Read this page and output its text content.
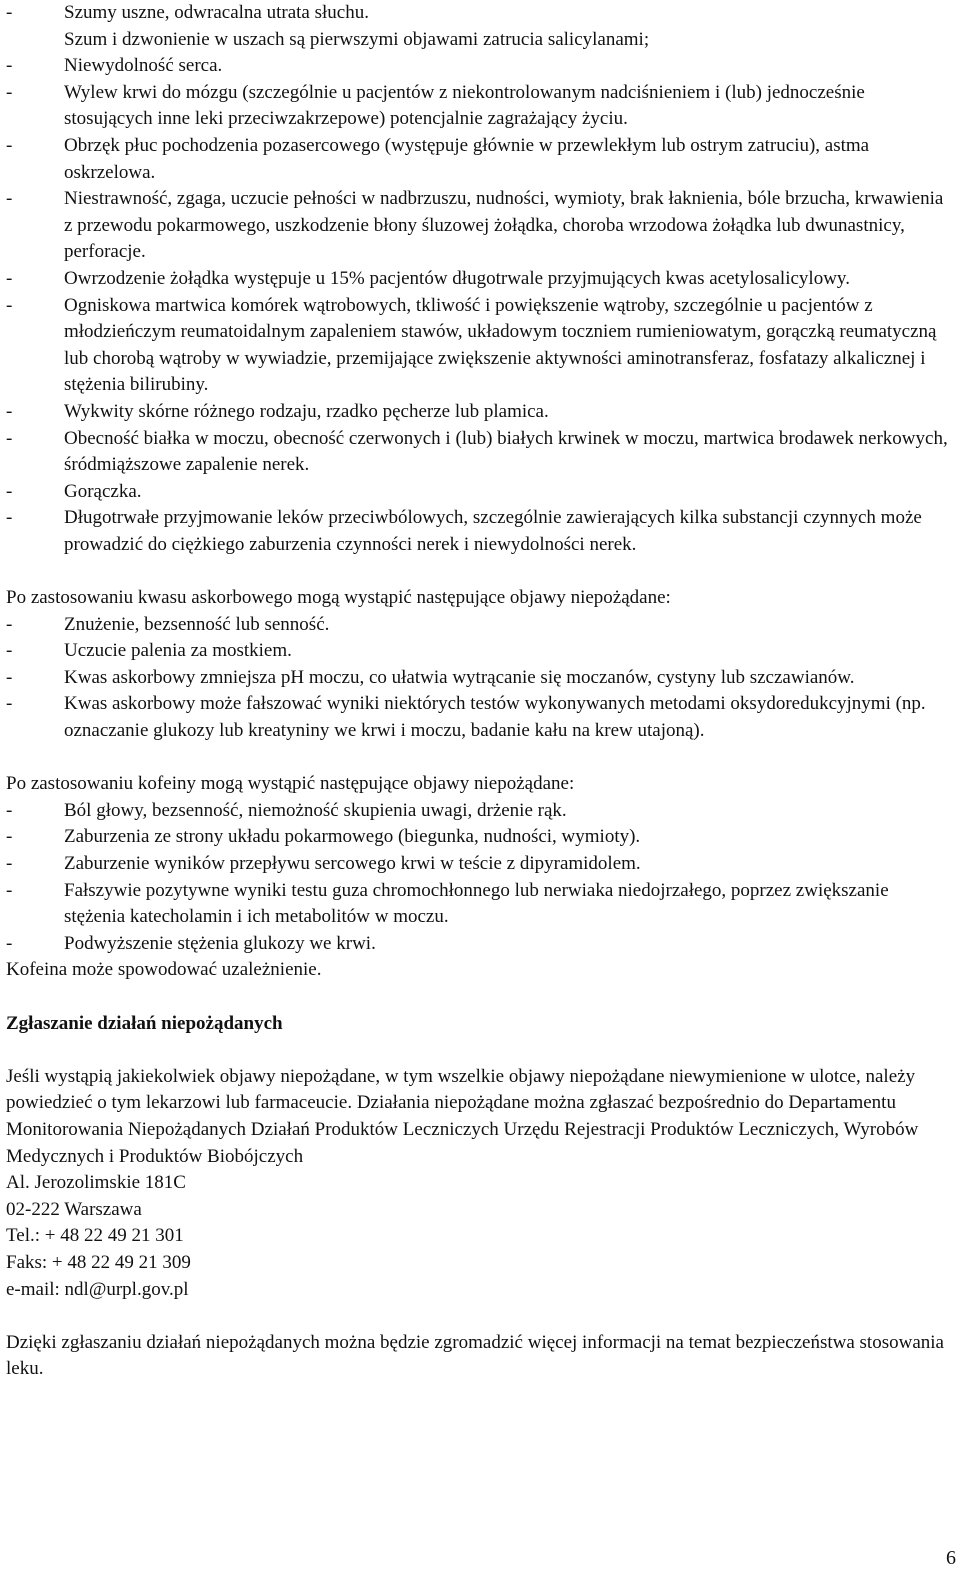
- Szumy uszne, odwracalna utrata słuchu.
Szum i dzwonienie w uszach są pierwszymi objawami zatrucia salicylanami;
- Niewydolność serca.
- Wylew krwi do mózgu (szczególnie u pacjentów z niekontrolowanym nadciśnieniem i (lub) jednocześnie stosujących inne leki przeciwzakrzepowe) potencjalnie zagrażający życiu.
- Obrzęk płuc pochodzenia pozasercowego (występuje głównie w przewlekłym lub ostrym zatruciu), astma oskrzelowa.
- Niestrawność, zgaga, uczucie pełności w nadbrzuszu, nudności, wymioty, brak łaknienia, bóle brzucha, krwawienia z przewodu pokarmowego, uszkodzenie błony śluzowej żołądka, choroba wrzodowa żołądka lub dwunastnicy, perforacje.
- Owrzodzenie żołądka występuje u 15% pacjentów długotrwale przyjmujących kwas acetylosalicylowy.
- Ogniskowa martwica komórek wątrobowych, tkliwość i powiększenie wątroby, szczególnie u pacjentów z młodzieńczym reumatoidalnym zapaleniem stawów, układowym toczniem rumieniowatym, gorączką reumatyczną lub chorobą wątroby w wywiadzie, przemijające zwiększenie aktywności aminotransferaz, fosfatazy alkalicznej i stężenia bilirubiny.
- Wykwity skórne różnego rodzaju, rzadko pęcherze lub plamica.
- Obecność białka w moczu, obecność czerwonych i (lub) białych krwinek w moczu, martwica brodawek nerkowych, śródmiąższowe zapalenie nerek.
- Gorączka.
- Długotrwałe przyjmowanie leków przeciwbólowych, szczególnie zawierających kilka substancji czynnych może prowadzić do ciężkiego zaburzenia czynności nerek i niewydolności nerek.

Po zastosowaniu kwasu askorbowego mogą wystąpić następujące objawy niepożądane:

- Znużenie, bezsenność lub senność.
- Uczucie palenia za mostkiem.
- Kwas askorbowy zmniejsza pH moczu, co ułatwia wytrącanie się moczanów, cystyny lub szczawianów.
- Kwas askorbowy może fałszować wyniki niektórych testów wykonywanych metodami oksydoredukcyjnymi (np. oznaczanie glukozy lub kreatyniny we krwi i moczu, badanie kału na krew utajoną).

Po zastosowaniu kofeiny mogą wystąpić następujące objawy niepożądane:

- Ból głowy, bezsenność, niemożność skupienia uwagi, drżenie rąk.
- Zaburzenia ze strony układu pokarmowego (biegunka, nudności, wymioty).
- Zaburzenie wyników przepływu sercowego krwi w teście z dipyramidolem.
- Fałszywie pozytywne wyniki testu guza chromochłonnego lub nerwiaka niedojrzałego, poprzez zwiększanie stężenia katecholamin i ich metabolitów w moczu.
- Podwyższenie stężenia glukozy we krwi.

Kofeina może spowodować uzależnienie.

Zgłaszanie działań niepożądanych

Jeśli wystąpią jakiekolwiek objawy niepożądane, w tym wszelkie objawy niepożądane niewymienione w ulotce, należy powiedzieć o tym lekarzowi lub farmaceucie. Działania niepożądane można zgłaszać bezpośrednio do Departamentu Monitorowania Niepożądanych Działań Produktów Leczniczych Urzędu Rejestracji Produktów Leczniczych, Wyrobów Medycznych i Produktów Biobójczych

Al. Jerozolimskie 181C

02-222 Warszawa

Tel.: + 48 22 49 21 301

Faks: + 48 22 49 21 309

e-mail: ndl@urpl.gov.pl

Dzięki zgłaszaniu działań niepożądanych można będzie zgromadzić więcej informacji na temat bezpieczeństwa stosowania leku.

6
